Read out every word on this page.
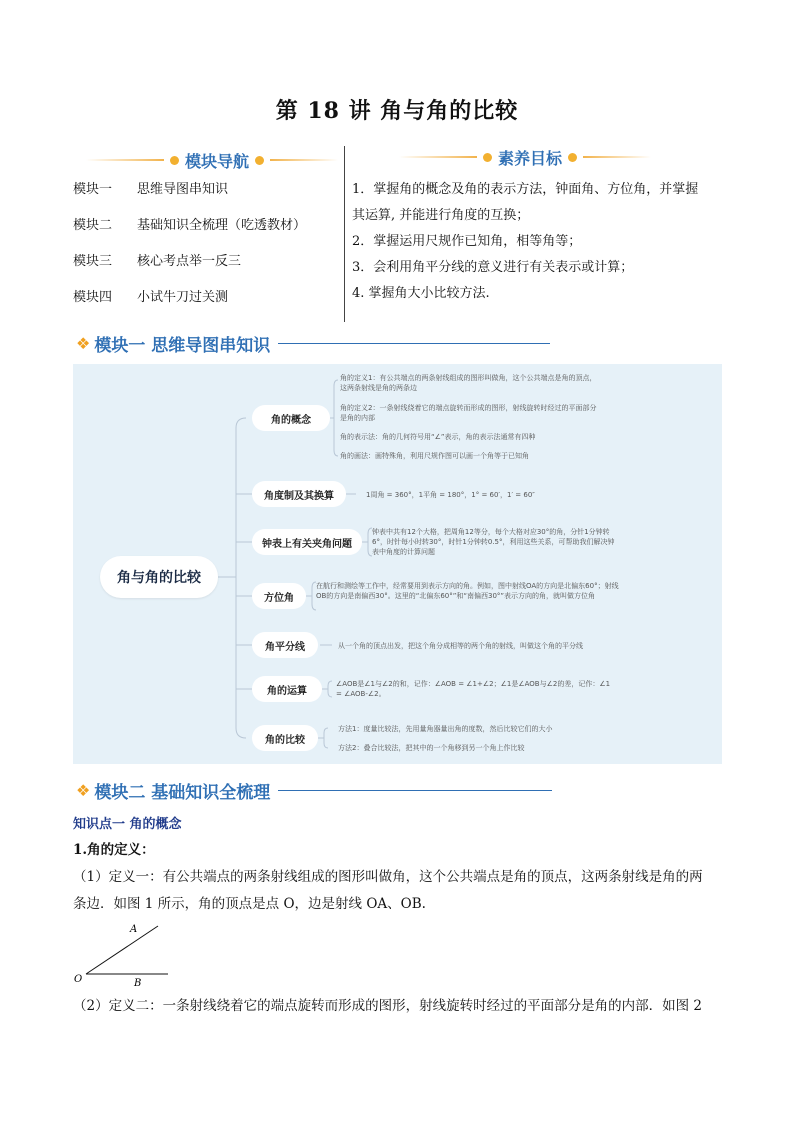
第 18 讲 角与角的比较
模块导航
模块一	思维导图串知识
模块二	基础知识全梳理（吃透教材）
模块三	核心考点举一反三
模块四	小试牛刀过关测
素养目标
1．掌握角的概念及角的表示方法，钟面角、方位角，并掌握
其运算, 并能进行角度的互换；
2．掌握运用尺规作已知角，相等角等；
3．会利用角平分线的意义进行有关表示或计算；
4. 掌握角大小比较方法.
❖ 模块一 思维导图串知识
角与角的比较
角的概念
角的定义1：有公共端点的两条射线组成的图形叫做角，这个公共端点是角的顶点，这两条射线是角的两条边
角的定义2：一条射线绕着它的端点旋转而形成的图形，射线旋转时经过的平面部分是角的内部
角的表示法：角的几何符号用“∠”表示，角的表示法通常有四种
角的画法：画特殊角，利用尺规作图可以画一个角等于已知角
角度制及其换算	1周角 = 360°，1平角 = 180°，1° = 60′，1′ = 60″
钟表上有关夹角问题
钟表中共有12个大格，把周角12等分，每个大格对应30°的角，分针1分钟转6°，时针每小时转30°，时针1分钟转0.5°，利用这些关系，可帮助我们解决钟表中角度的计算问题
方位角
在航行和测绘等工作中，经常要用到表示方向的角。例如，图中射线OA的方向是北偏东60°；射线OB的方向是南偏西30°。这里的“北偏东60°”和“南偏西30°”表示方向的角，就叫做方位角
角平分线	从一个角的顶点出发，把这个角分成相等的两个角的射线，叫做这个角的平分线
角的运算
∠AOB是∠1与∠2的和，记作：∠AOB = ∠1+∠2；∠1是∠AOB与∠2的差，记作：∠1 = ∠AOB-∠2。
角的比较
方法1：度量比较法，先用量角器量出角的度数，然后比较它们的大小
方法2：叠合比较法，把其中的一个角移到另一个角上作比较
❖ 模块二 基础知识全梳理
知识点一 角的概念
1.角的定义：
（1）定义一：有公共端点的两条射线组成的图形叫做角，这个公共端点是角的顶点，这两条射线是角的两
条边．如图 1 所示，角的顶点是点 O，边是射线 OA、OB.
A
O	B
（2）定义二：一条射线绕着它的端点旋转而形成的图形，射线旋转时经过的平面部分是角的内部．如图 2
